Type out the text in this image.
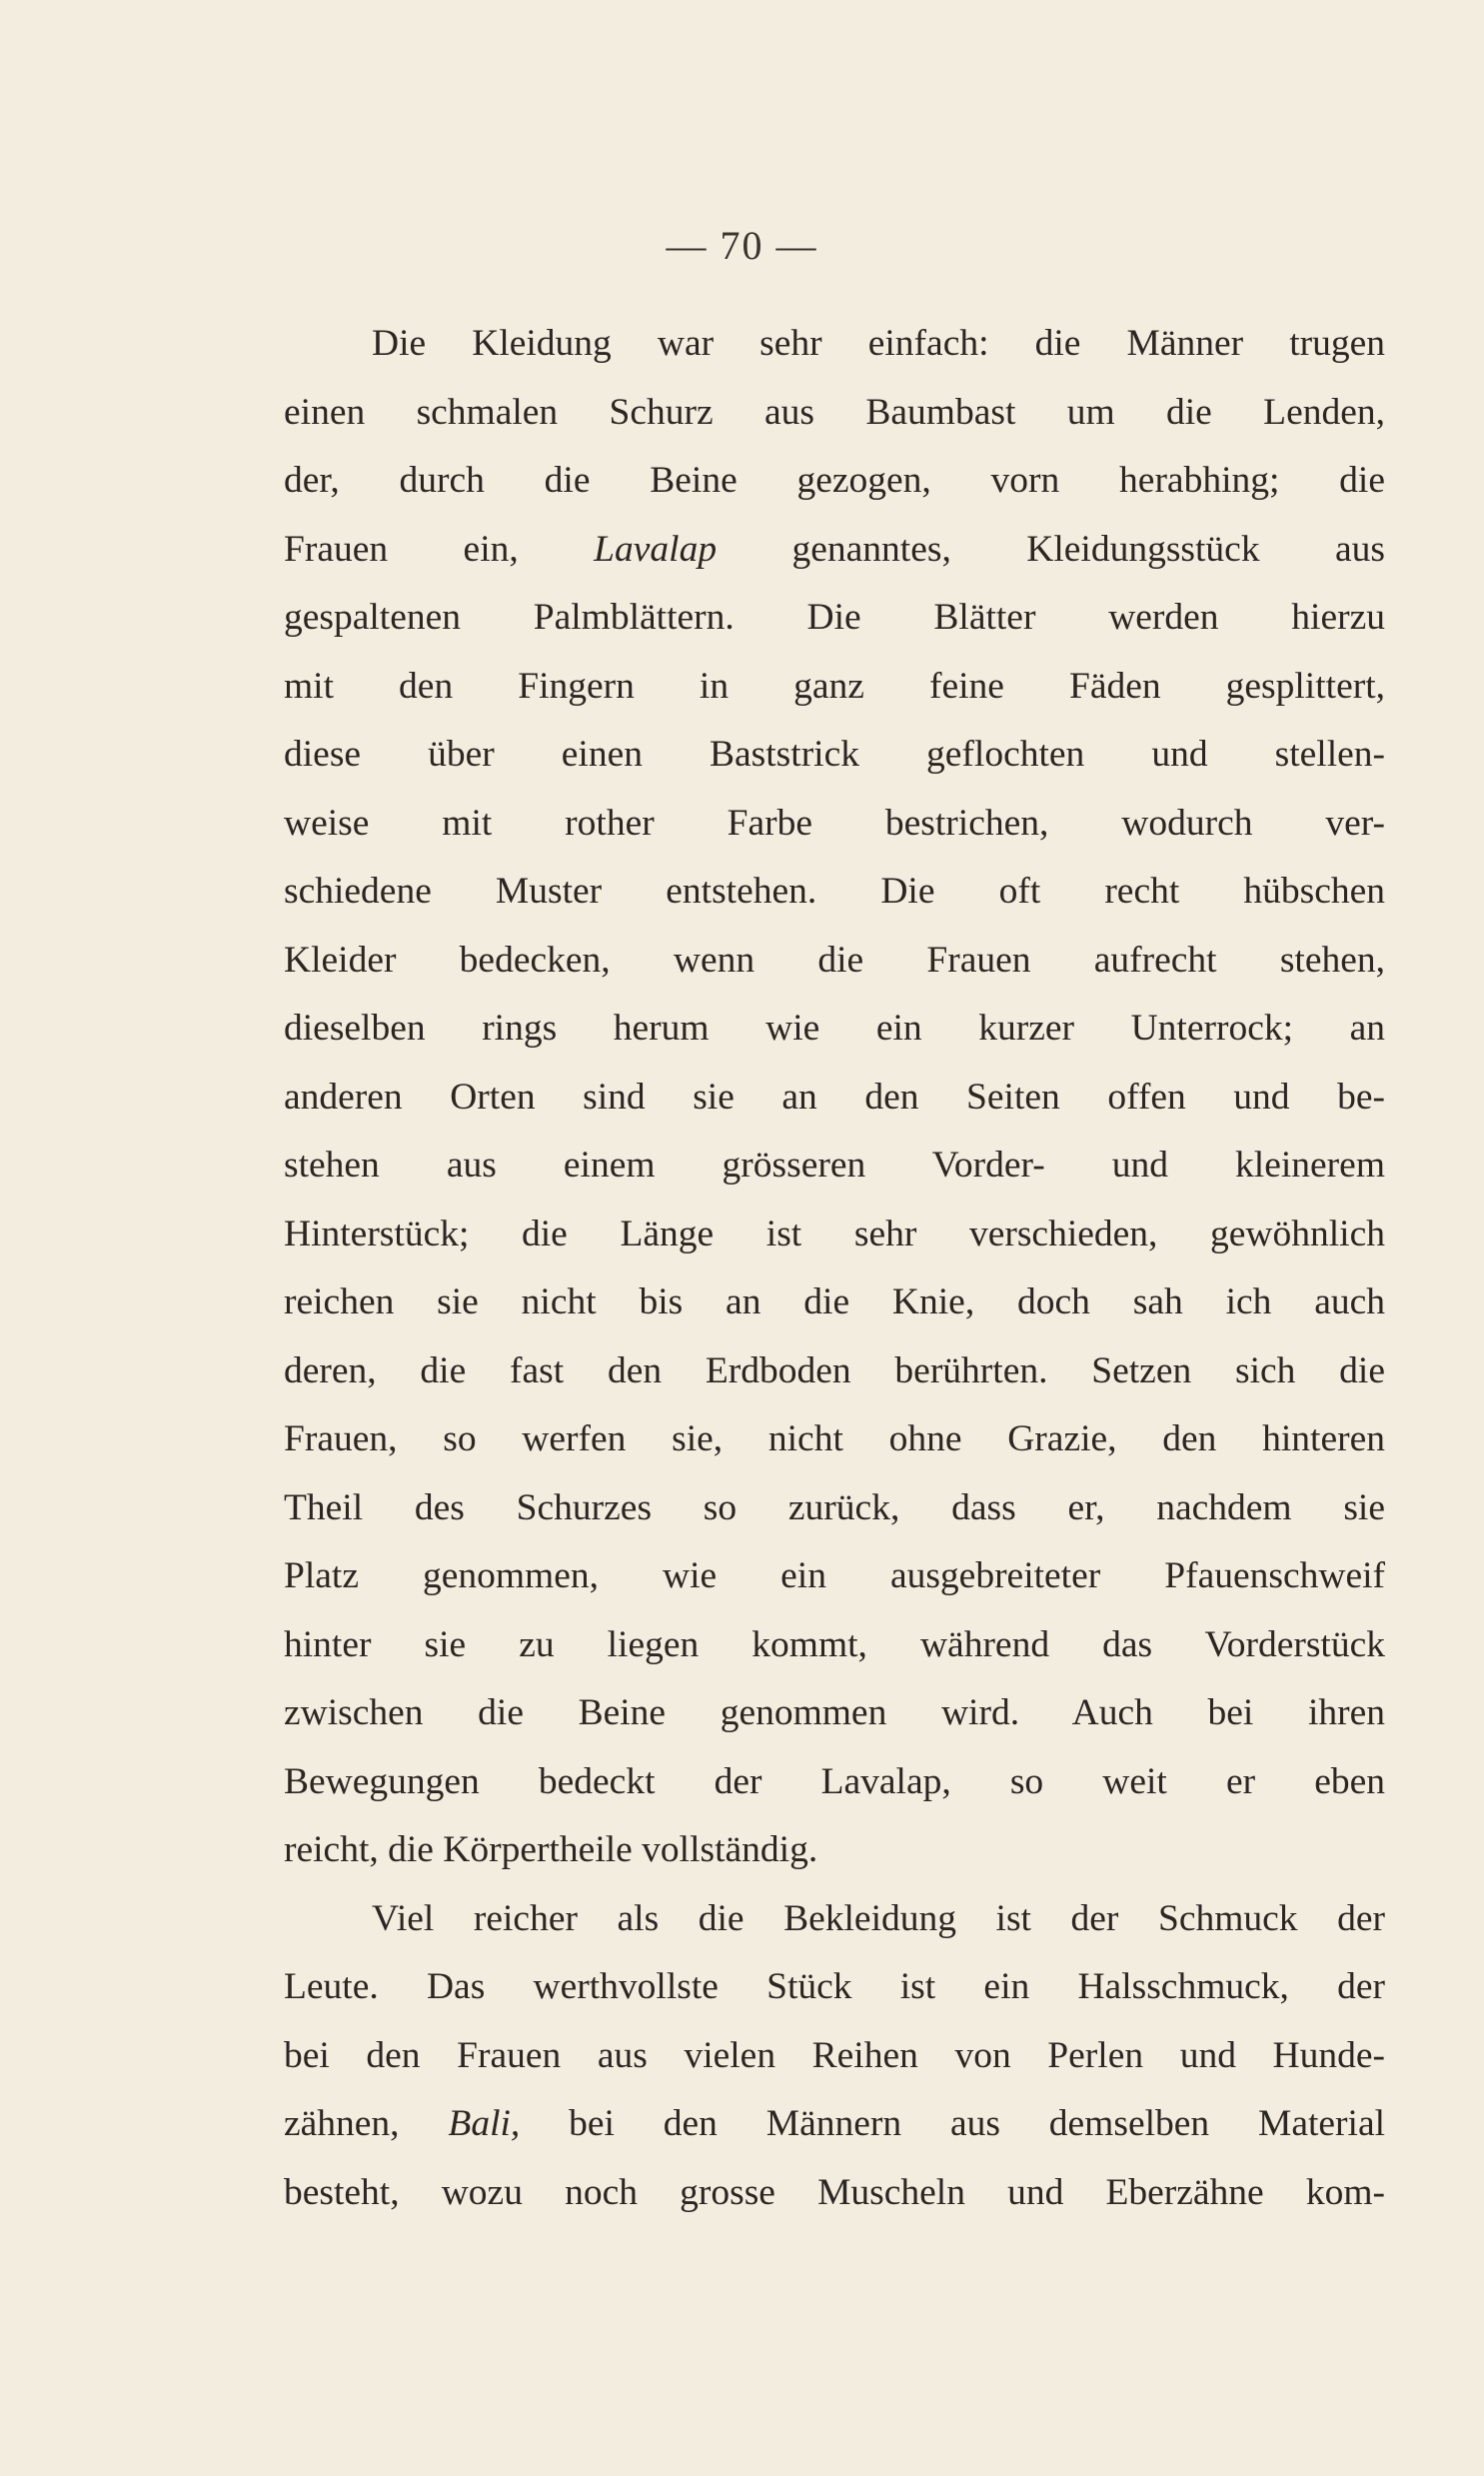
— 70 —
Die Kleidung war sehr einfach: die Männer trugen
einen schmalen Schurz aus Baumbast um die Lenden,
der, durch die Beine gezogen, vorn herabhing; die
Frauen ein, Lavalap genanntes, Kleidungsstück aus
gespaltenen Palmblättern. Die Blätter werden hierzu
mit den Fingern in ganz feine Fäden gesplittert,
diese über einen Baststrick geflochten und stellen-
weise mit rother Farbe bestrichen, wodurch ver-
schiedene Muster entstehen. Die oft recht hübschen
Kleider bedecken, wenn die Frauen aufrecht stehen,
dieselben rings herum wie ein kurzer Unterrock; an
anderen Orten sind sie an den Seiten offen und be-
stehen aus einem grösseren Vorder- und kleinerem
Hinterstück; die Länge ist sehr verschieden, gewöhnlich
reichen sie nicht bis an die Knie, doch sah ich auch
deren, die fast den Erdboden berührten. Setzen sich die
Frauen, so werfen sie, nicht ohne Grazie, den hinteren
Theil des Schurzes so zurück, dass er, nachdem sie
Platz genommen, wie ein ausgebreiteter Pfauenschweif
hinter sie zu liegen kommt, während das Vorderstück
zwischen die Beine genommen wird. Auch bei ihren
Bewegungen bedeckt der Lavalap, so weit er eben
reicht, die Körpertheile vollständig.
Viel reicher als die Bekleidung ist der Schmuck der
Leute. Das werthvollste Stück ist ein Halsschmuck, der
bei den Frauen aus vielen Reihen von Perlen und Hunde-
zähnen, Bali, bei den Männern aus demselben Material
besteht, wozu noch grosse Muscheln und Eberzähne kom-
